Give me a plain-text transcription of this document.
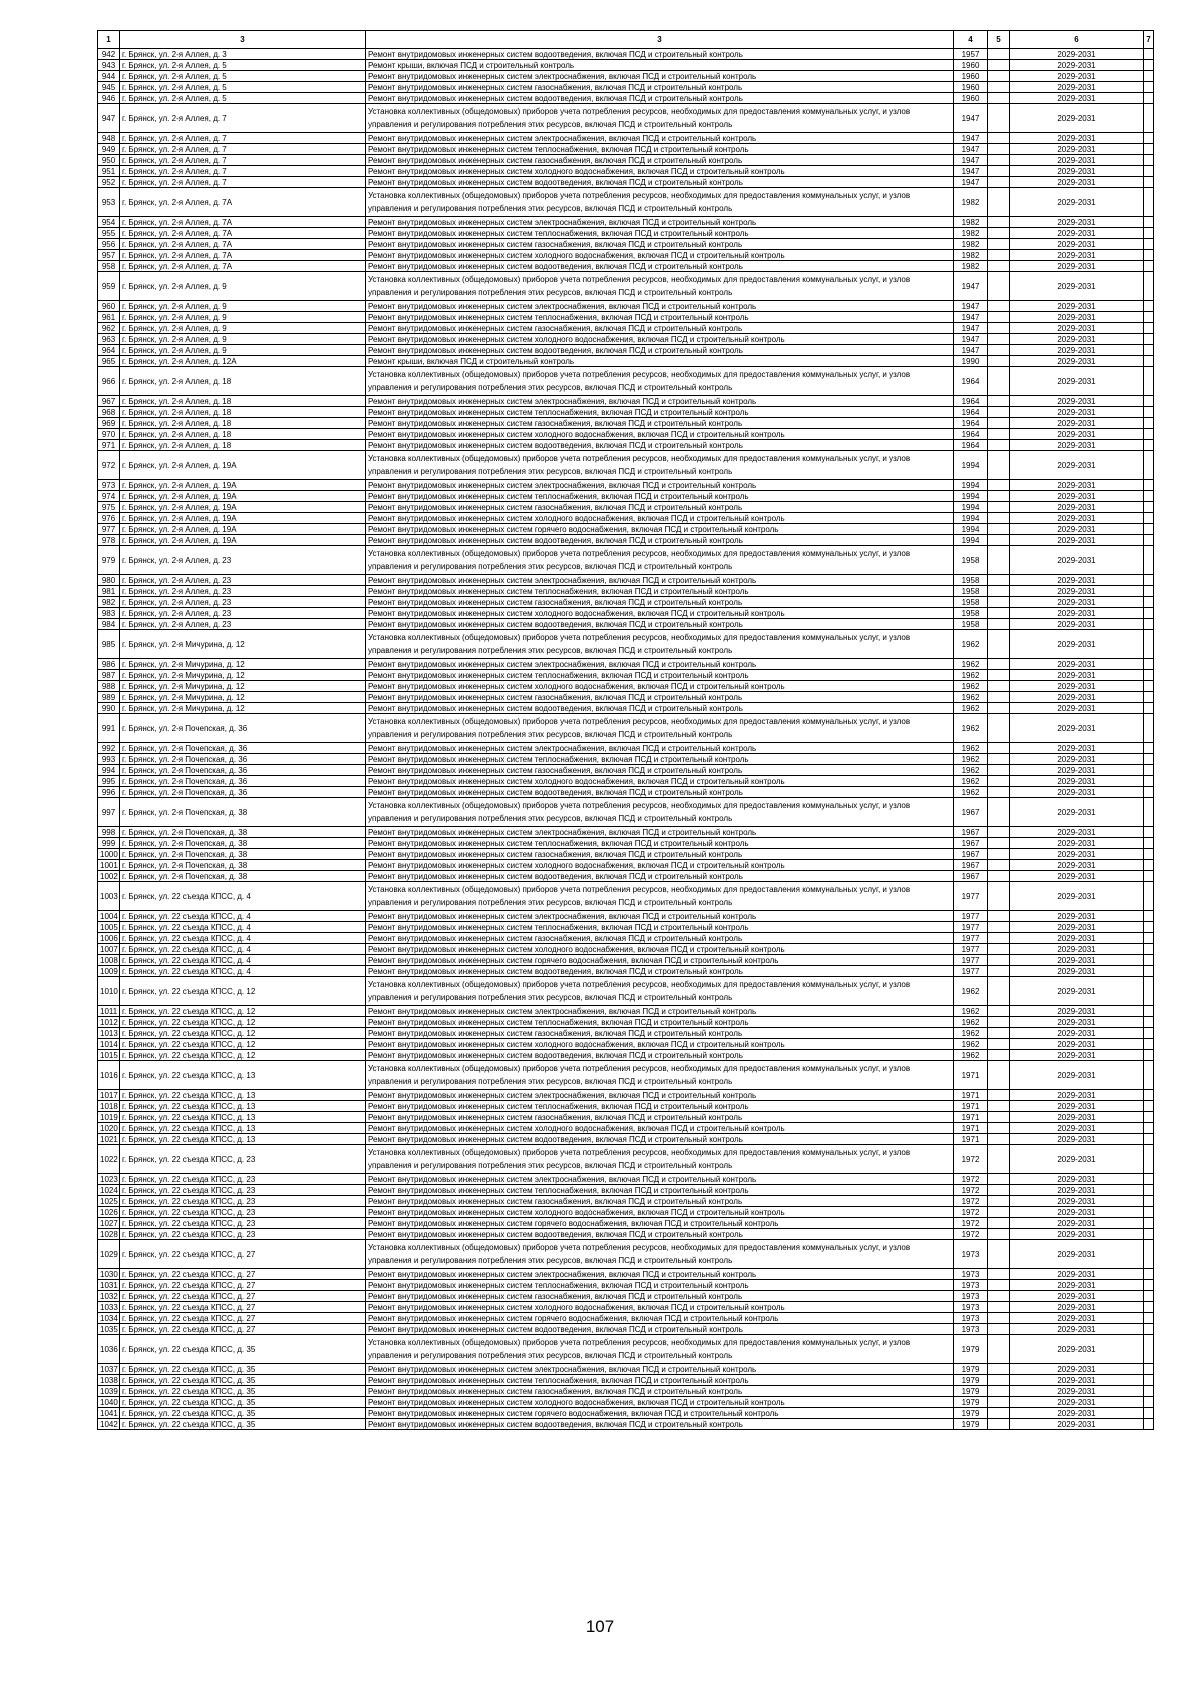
1	3	3	4	5	6	7
942	г. Брянск, ул. 2-я Аллея, д. 3	Ремонт внутридомовых инженерных систем водоотведения, включая ПСД и строительный контроль	1957		2029-2031	
943	г. Брянск, ул. 2-я Аллея, д. 5	Ремонт крыши, включая ПСД и строительный контроль	1960		2029-2031	
944	г. Брянск, ул. 2-я Аллея, д. 5	Ремонт внутридомовых инженерных систем электроснабжения, включая ПСД и строительный контроль	1960		2029-2031	
945	г. Брянск, ул. 2-я Аллея, д. 5	Ремонт внутридомовых инженерных систем газоснабжения, включая ПСД и строительный контроль	1960		2029-2031	
946	г. Брянск, ул. 2-я Аллея, д. 5	Ремонт внутридомовых инженерных систем водоотведения, включая ПСД и строительный контроль	1960		2029-2031	
947	г. Брянск, ул. 2-я Аллея, д. 7	Установка коллективных (общедомовых) приборов учета потребления ресурсов, необходимых для предоставления коммунальных услуг, и узлов управления и регулирования потребления этих ресурсов, включая ПСД и строительный контроль	1947		2029-2031	
948	г. Брянск, ул. 2-я Аллея, д. 7	Ремонт внутридомовых инженерных систем электроснабжения, включая ПСД и строительный контроль	1947		2029-2031	
949	г. Брянск, ул. 2-я Аллея, д. 7	Ремонт внутридомовых инженерных систем теплоснабжения, включая ПСД и строительный контроль	1947		2029-2031	
950	г. Брянск, ул. 2-я Аллея, д. 7	Ремонт внутридомовых инженерных систем газоснабжения, включая ПСД и строительный контроль	1947		2029-2031	
951	г. Брянск, ул. 2-я Аллея, д. 7	Ремонт внутридомовых инженерных систем холодного водоснабжения, включая ПСД и строительный контроль	1947		2029-2031	
952	г. Брянск, ул. 2-я Аллея, д. 7	Ремонт внутридомовых инженерных систем водоотведения, включая ПСД и строительный контроль	1947		2029-2031	
953	г. Брянск, ул. 2-я Аллея, д. 7А	Установка коллективных (общедомовых) приборов учета потребления ресурсов, необходимых для предоставления коммунальных услуг, и узлов управления и регулирования потребления этих ресурсов, включая ПСД и строительный контроль	1982		2029-2031	
954	г. Брянск, ул. 2-я Аллея, д. 7А	Ремонт внутридомовых инженерных систем электроснабжения, включая ПСД и строительный контроль	1982		2029-2031	
955	г. Брянск, ул. 2-я Аллея, д. 7А	Ремонт внутридомовых инженерных систем теплоснабжения, включая ПСД и строительный контроль	1982		2029-2031	
956	г. Брянск, ул. 2-я Аллея, д. 7А	Ремонт внутридомовых инженерных систем газоснабжения, включая ПСД и строительный контроль	1982		2029-2031	
957	г. Брянск, ул. 2-я Аллея, д. 7А	Ремонт внутридомовых инженерных систем холодного водоснабжения, включая ПСД и строительный контроль	1982		2029-2031	
958	г. Брянск, ул. 2-я Аллея, д. 7А	Ремонт внутридомовых инженерных систем водоотведения, включая ПСД и строительный контроль	1982		2029-2031	
959	г. Брянск, ул. 2-я Аллея, д. 9	Установка коллективных (общедомовых) приборов учета потребления ресурсов, необходимых для предоставления коммунальных услуг, и узлов управления и регулирования потребления этих ресурсов, включая ПСД и строительный контроль	1947		2029-2031	
960	г. Брянск, ул. 2-я Аллея, д. 9	Ремонт внутридомовых инженерных систем электроснабжения, включая ПСД и строительный контроль	1947		2029-2031	
961	г. Брянск, ул. 2-я Аллея, д. 9	Ремонт внутридомовых инженерных систем теплоснабжения, включая ПСД и строительный контроль	1947		2029-2031	
962	г. Брянск, ул. 2-я Аллея, д. 9	Ремонт внутридомовых инженерных систем газоснабжения, включая ПСД и строительный контроль	1947		2029-2031	
963	г. Брянск, ул. 2-я Аллея, д. 9	Ремонт внутридомовых инженерных систем холодного водоснабжения, включая ПСД и строительный контроль	1947		2029-2031	
964	г. Брянск, ул. 2-я Аллея, д. 9	Ремонт внутридомовых инженерных систем водоотведения, включая ПСД и строительный контроль	1947		2029-2031	
965	г. Брянск, ул. 2-я Аллея, д. 12А	Ремонт крыши, включая ПСД и строительный контроль	1990		2029-2031	
966	г. Брянск, ул. 2-я Аллея, д. 18	Установка коллективных (общедомовых) приборов учета потребления ресурсов, необходимых для предоставления коммунальных услуг, и узлов управления и регулирования потребления этих ресурсов, включая ПСД и строительный контроль	1964		2029-2031	
967	г. Брянск, ул. 2-я Аллея, д. 18	Ремонт внутридомовых инженерных систем электроснабжения, включая ПСД и строительный контроль	1964		2029-2031	
968	г. Брянск, ул. 2-я Аллея, д. 18	Ремонт внутридомовых инженерных систем теплоснабжения, включая ПСД и строительный контроль	1964		2029-2031	
969	г. Брянск, ул. 2-я Аллея, д. 18	Ремонт внутридомовых инженерных систем газоснабжения, включая ПСД и строительный контроль	1964		2029-2031	
970	г. Брянск, ул. 2-я Аллея, д. 18	Ремонт внутридомовых инженерных систем холодного водоснабжения, включая ПСД и строительный контроль	1964		2029-2031	
971	г. Брянск, ул. 2-я Аллея, д. 18	Ремонт внутридомовых инженерных систем водоотведения, включая ПСД и строительный контроль	1964		2029-2031	
972	г. Брянск, ул. 2-я Аллея, д. 19А	Установка коллективных (общедомовых) приборов учета потребления ресурсов, необходимых для предоставления коммунальных услуг, и узлов управления и регулирования потребления этих ресурсов, включая ПСД и строительный контроль	1994		2029-2031	
973	г. Брянск, ул. 2-я Аллея, д. 19А	Ремонт внутридомовых инженерных систем электроснабжения, включая ПСД и строительный контроль	1994		2029-2031	
974	г. Брянск, ул. 2-я Аллея, д. 19А	Ремонт внутридомовых инженерных систем теплоснабжения, включая ПСД и строительный контроль	1994		2029-2031	
975	г. Брянск, ул. 2-я Аллея, д. 19А	Ремонт внутридомовых инженерных систем газоснабжения, включая ПСД и строительный контроль	1994		2029-2031	
976	г. Брянск, ул. 2-я Аллея, д. 19А	Ремонт внутридомовых инженерных систем холодного водоснабжения, включая ПСД и строительный контроль	1994		2029-2031	
977	г. Брянск, ул. 2-я Аллея, д. 19А	Ремонт внутридомовых инженерных систем горячего водоснабжения, включая ПСД и строительный контроль	1994		2029-2031	
978	г. Брянск, ул. 2-я Аллея, д. 19А	Ремонт внутридомовых инженерных систем водоотведения, включая ПСД и строительный контроль	1994		2029-2031	
979	г. Брянск, ул. 2-я Аллея, д. 23	Установка коллективных (общедомовых) приборов учета потребления ресурсов, необходимых для предоставления коммунальных услуг, и узлов управления и регулирования потребления этих ресурсов, включая ПСД и строительный контроль	1958		2029-2031	
980	г. Брянск, ул. 2-я Аллея, д. 23	Ремонт внутридомовых инженерных систем электроснабжения, включая ПСД и строительный контроль	1958		2029-2031	
981	г. Брянск, ул. 2-я Аллея, д. 23	Ремонт внутридомовых инженерных систем теплоснабжения, включая ПСД и строительный контроль	1958		2029-2031	
982	г. Брянск, ул. 2-я Аллея, д. 23	Ремонт внутридомовых инженерных систем газоснабжения, включая ПСД и строительный контроль	1958		2029-2031	
983	г. Брянск, ул. 2-я Аллея, д. 23	Ремонт внутридомовых инженерных систем холодного водоснабжения, включая ПСД и строительный контроль	1958		2029-2031	
984	г. Брянск, ул. 2-я Аллея, д. 23	Ремонт внутридомовых инженерных систем водоотведения, включая ПСД и строительный контроль	1958		2029-2031	
985	г. Брянск, ул. 2-я Мичурина, д. 12	Установка коллективных (общедомовых) приборов учета потребления ресурсов, необходимых для предоставления коммунальных услуг, и узлов управления и регулирования потребления этих ресурсов, включая ПСД и строительный контроль	1962		2029-2031	
986	г. Брянск, ул. 2-я Мичурина, д. 12	Ремонт внутридомовых инженерных систем электроснабжения, включая ПСД и строительный контроль	1962		2029-2031	
987	г. Брянск, ул. 2-я Мичурина, д. 12	Ремонт внутридомовых инженерных систем теплоснабжения, включая ПСД и строительный контроль	1962		2029-2031	
988	г. Брянск, ул. 2-я Мичурина, д. 12	Ремонт внутридомовых инженерных систем холодного водоснабжения, включая ПСД и строительный контроль	1962		2029-2031	
989	г. Брянск, ул. 2-я Мичурина, д. 12	Ремонт внутридомовых инженерных систем газоснабжения, включая ПСД и строительный контроль	1962		2029-2031	
990	г. Брянск, ул. 2-я Мичурина, д. 12	Ремонт внутридомовых инженерных систем водоотведения, включая ПСД и строительный контроль	1962		2029-2031	
991	г. Брянск, ул. 2-я Почепская, д. 36	Установка коллективных (общедомовых) приборов учета потребления ресурсов, необходимых для предоставления коммунальных услуг, и узлов управления и регулирования потребления этих ресурсов, включая ПСД и строительный контроль	1962		2029-2031	
992	г. Брянск, ул. 2-я Почепская, д. 36	Ремонт внутридомовых инженерных систем электроснабжения, включая ПСД и строительный контроль	1962		2029-2031	
993	г. Брянск, ул. 2-я Почепская, д. 36	Ремонт внутридомовых инженерных систем теплоснабжения, включая ПСД и строительный контроль	1962		2029-2031	
994	г. Брянск, ул. 2-я Почепская, д. 36	Ремонт внутридомовых инженерных систем газоснабжения, включая ПСД и строительный контроль	1962		2029-2031	
995	г. Брянск, ул. 2-я Почепская, д. 36	Ремонт внутридомовых инженерных систем холодного водоснабжения, включая ПСД и строительный контроль	1962		2029-2031	
996	г. Брянск, ул. 2-я Почепская, д. 36	Ремонт внутридомовых инженерных систем водоотведения, включая ПСД и строительный контроль	1962		2029-2031	
997	г. Брянск, ул. 2-я Почепская, д. 38	Установка коллективных (общедомовых) приборов учета потребления ресурсов, необходимых для предоставления коммунальных услуг, и узлов управления и регулирования потребления этих ресурсов, включая ПСД и строительный контроль	1967		2029-2031	
998	г. Брянск, ул. 2-я Почепская, д. 38	Ремонт внутридомовых инженерных систем электроснабжения, включая ПСД и строительный контроль	1967		2029-2031	
999	г. Брянск, ул. 2-я Почепская, д. 38	Ремонт внутридомовых инженерных систем теплоснабжения, включая ПСД и строительный контроль	1967		2029-2031	
1000	г. Брянск, ул. 2-я Почепская, д. 38	Ремонт внутридомовых инженерных систем газоснабжения, включая ПСД и строительный контроль	1967		2029-2031	
1001	г. Брянск, ул. 2-я Почепская, д. 38	Ремонт внутридомовых инженерных систем холодного водоснабжения, включая ПСД и строительный контроль	1967		2029-2031	
1002	г. Брянск, ул. 2-я Почепская, д. 38	Ремонт внутридомовых инженерных систем водоотведения, включая ПСД и строительный контроль	1967		2029-2031	
1003	г. Брянск, ул. 22 съезда КПСС, д. 4	Установка коллективных (общедомовых) приборов учета потребления ресурсов, необходимых для предоставления коммунальных услуг, и узлов управления и регулирования потребления этих ресурсов, включая ПСД и строительный контроль	1977		2029-2031	
1004	г. Брянск, ул. 22 съезда КПСС, д. 4	Ремонт внутридомовых инженерных систем электроснабжения, включая ПСД и строительный контроль	1977		2029-2031	
1005	г. Брянск, ул. 22 съезда КПСС, д. 4	Ремонт внутридомовых инженерных систем теплоснабжения, включая ПСД и строительный контроль	1977		2029-2031	
1006	г. Брянск, ул. 22 съезда КПСС, д. 4	Ремонт внутридомовых инженерных систем газоснабжения, включая ПСД и строительный контроль	1977		2029-2031	
1007	г. Брянск, ул. 22 съезда КПСС, д. 4	Ремонт внутридомовых инженерных систем холодного водоснабжения, включая ПСД и строительный контроль	1977		2029-2031	
1008	г. Брянск, ул. 22 съезда КПСС, д. 4	Ремонт внутридомовых инженерных систем горячего водоснабжения, включая ПСД и строительный контроль	1977		2029-2031	
1009	г. Брянск, ул. 22 съезда КПСС, д. 4	Ремонт внутридомовых инженерных систем водоотведения, включая ПСД и строительный контроль	1977		2029-2031	
1010	г. Брянск, ул. 22 съезда КПСС, д. 12	Установка коллективных (общедомовых) приборов учета потребления ресурсов, необходимых для предоставления коммунальных услуг, и узлов управления и регулирования потребления этих ресурсов, включая ПСД и строительный контроль	1962		2029-2031	
1011	г. Брянск, ул. 22 съезда КПСС, д. 12	Ремонт внутридомовых инженерных систем электроснабжения, включая ПСД и строительный контроль	1962		2029-2031	
1012	г. Брянск, ул. 22 съезда КПСС, д. 12	Ремонт внутридомовых инженерных систем теплоснабжения, включая ПСД и строительный контроль	1962		2029-2031	
1013	г. Брянск, ул. 22 съезда КПСС, д. 12	Ремонт внутридомовых инженерных систем газоснабжения, включая ПСД и строительный контроль	1962		2029-2031	
1014	г. Брянск, ул. 22 съезда КПСС, д. 12	Ремонт внутридомовых инженерных систем холодного водоснабжения, включая ПСД и строительный контроль	1962		2029-2031	
1015	г. Брянск, ул. 22 съезда КПСС, д. 12	Ремонт внутридомовых инженерных систем водоотведения, включая ПСД и строительный контроль	1962		2029-2031	
1016	г. Брянск, ул. 22 съезда КПСС, д. 13	Установка коллективных (общедомовых) приборов учета потребления ресурсов, необходимых для предоставления коммунальных услуг, и узлов управления и регулирования потребления этих ресурсов, включая ПСД и строительный контроль	1971		2029-2031	
1017	г. Брянск, ул. 22 съезда КПСС, д. 13	Ремонт внутридомовых инженерных систем электроснабжения, включая ПСД и строительный контроль	1971		2029-2031	
1018	г. Брянск, ул. 22 съезда КПСС, д. 13	Ремонт внутридомовых инженерных систем теплоснабжения, включая ПСД и строительный контроль	1971		2029-2031	
1019	г. Брянск, ул. 22 съезда КПСС, д. 13	Ремонт внутридомовых инженерных систем газоснабжения, включая ПСД и строительный контроль	1971		2029-2031	
1020	г. Брянск, ул. 22 съезда КПСС, д. 13	Ремонт внутридомовых инженерных систем холодного водоснабжения, включая ПСД и строительный контроль	1971		2029-2031	
1021	г. Брянск, ул. 22 съезда КПСС, д. 13	Ремонт внутридомовых инженерных систем водоотведения, включая ПСД и строительный контроль	1971		2029-2031	
1022	г. Брянск, ул. 22 съезда КПСС, д. 23	Установка коллективных (общедомовых) приборов учета потребления ресурсов, необходимых для предоставления коммунальных услуг, и узлов управления и регулирования потребления этих ресурсов, включая ПСД и строительный контроль	1972		2029-2031	
1023	г. Брянск, ул. 22 съезда КПСС, д. 23	Ремонт внутридомовых инженерных систем электроснабжения, включая ПСД и строительный контроль	1972		2029-2031	
1024	г. Брянск, ул. 22 съезда КПСС, д. 23	Ремонт внутридомовых инженерных систем теплоснабжения, включая ПСД и строительный контроль	1972		2029-2031	
1025	г. Брянск, ул. 22 съезда КПСС, д. 23	Ремонт внутридомовых инженерных систем газоснабжения, включая ПСД и строительный контроль	1972		2029-2031	
1026	г. Брянск, ул. 22 съезда КПСС, д. 23	Ремонт внутридомовых инженерных систем холодного водоснабжения, включая ПСД и строительный контроль	1972		2029-2031	
1027	г. Брянск, ул. 22 съезда КПСС, д. 23	Ремонт внутридомовых инженерных систем горячего водоснабжения, включая ПСД и строительный контроль	1972		2029-2031	
1028	г. Брянск, ул. 22 съезда КПСС, д. 23	Ремонт внутридомовых инженерных систем водоотведения, включая ПСД и строительный контроль	1972		2029-2031	
1029	г. Брянск, ул. 22 съезда КПСС, д. 27	Установка коллективных (общедомовых) приборов учета потребления ресурсов, необходимых для предоставления коммунальных услуг, и узлов управления и регулирования потребления этих ресурсов, включая ПСД и строительный контроль	1973		2029-2031	
1030	г. Брянск, ул. 22 съезда КПСС, д. 27	Ремонт внутридомовых инженерных систем электроснабжения, включая ПСД и строительный контроль	1973		2029-2031	
1031	г. Брянск, ул. 22 съезда КПСС, д. 27	Ремонт внутридомовых инженерных систем теплоснабжения, включая ПСД и строительный контроль	1973		2029-2031	
1032	г. Брянск, ул. 22 съезда КПСС, д. 27	Ремонт внутридомовых инженерных систем газоснабжения, включая ПСД и строительный контроль	1973		2029-2031	
1033	г. Брянск, ул. 22 съезда КПСС, д. 27	Ремонт внутридомовых инженерных систем холодного водоснабжения, включая ПСД и строительный контроль	1973		2029-2031	
1034	г. Брянск, ул. 22 съезда КПСС, д. 27	Ремонт внутридомовых инженерных систем горячего водоснабжения, включая ПСД и строительный контроль	1973		2029-2031	
1035	г. Брянск, ул. 22 съезда КПСС, д. 27	Ремонт внутридомовых инженерных систем водоотведения, включая ПСД и строительный контроль	1973		2029-2031	
1036	г. Брянск, ул. 22 съезда КПСС, д. 35	Установка коллективных (общедомовых) приборов учета потребления ресурсов, необходимых для предоставления коммунальных услуг, и узлов управления и регулирования потребления этих ресурсов, включая ПСД и строительный контроль	1979		2029-2031	
1037	г. Брянск, ул. 22 съезда КПСС, д. 35	Ремонт внутридомовых инженерных систем электроснабжения, включая ПСД и строительный контроль	1979		2029-2031	
1038	г. Брянск, ул. 22 съезда КПСС, д. 35	Ремонт внутридомовых инженерных систем теплоснабжения, включая ПСД и строительный контроль	1979		2029-2031	
1039	г. Брянск, ул. 22 съезда КПСС, д. 35	Ремонт внутридомовых инженерных систем газоснабжения, включая ПСД и строительный контроль	1979		2029-2031	
1040	г. Брянск, ул. 22 съезда КПСС, д. 35	Ремонт внутридомовых инженерных систем холодного водоснабжения, включая ПСД и строительный контроль	1979		2029-2031	
1041	г. Брянск, ул. 22 съезда КПСС, д. 35	Ремонт внутридомовых инженерных систем горячего водоснабжения, включая ПСД и строительный контроль	1979		2029-2031	
1042	г. Брянск, ул. 22 съезда КПСС, д. 35	Ремонт внутридомовых инженерных систем водоотведения, включая ПСД и строительный контроль	1979		2029-2031	
107
